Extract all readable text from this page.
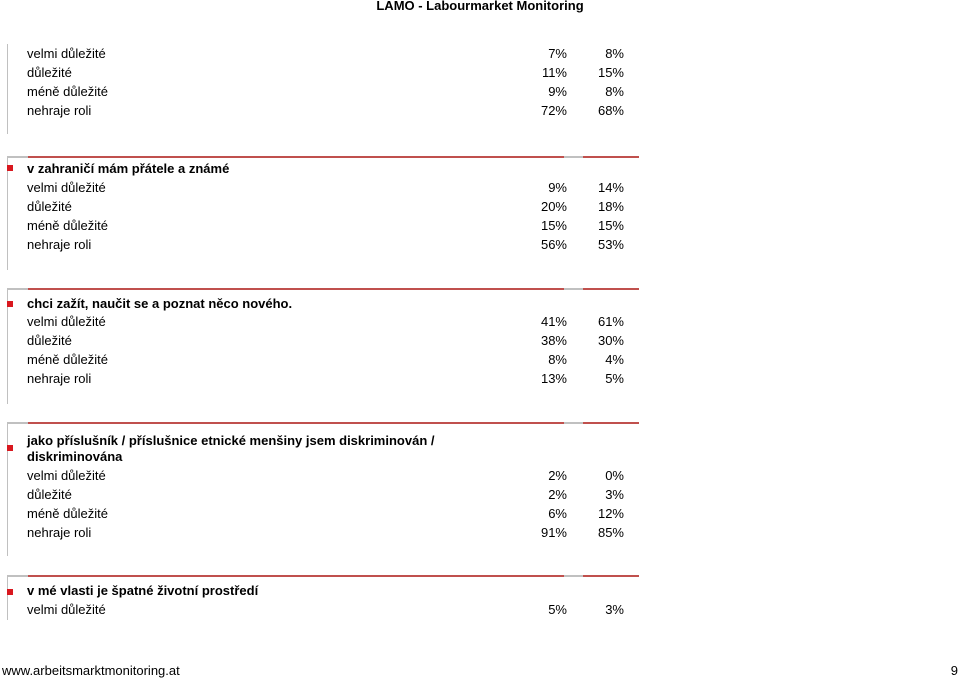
LAMO - Labourmarket Monitoring
velmi důležité	7%	8%
důležité	11% 15%
méně důležité	9%	8%
nehraje roli	72% 68%
v zahraničí mám přátele a známé
velmi důležité	9% 14%
důležité	20% 18%
méně důležité	15% 15%
nehraje roli	56% 53%
chci zažít, naučit se a poznat něco nového.
velmi důležité	41% 61%
důležité	38% 30%
méně důležité	8%	4%
nehraje roli	13%	5%
jako příslušník / příslušnice etnické menšiny jsem diskriminován /
diskriminována
velmi důležité	2%	0%
důležité	2%	3%
méně důležité	6% 12%
nehraje roli	91% 85%
v mé vlasti je špatné životní prostředí
velmi důležité	5%	3%
www.arbeitsmarktmonitoring.at	9
